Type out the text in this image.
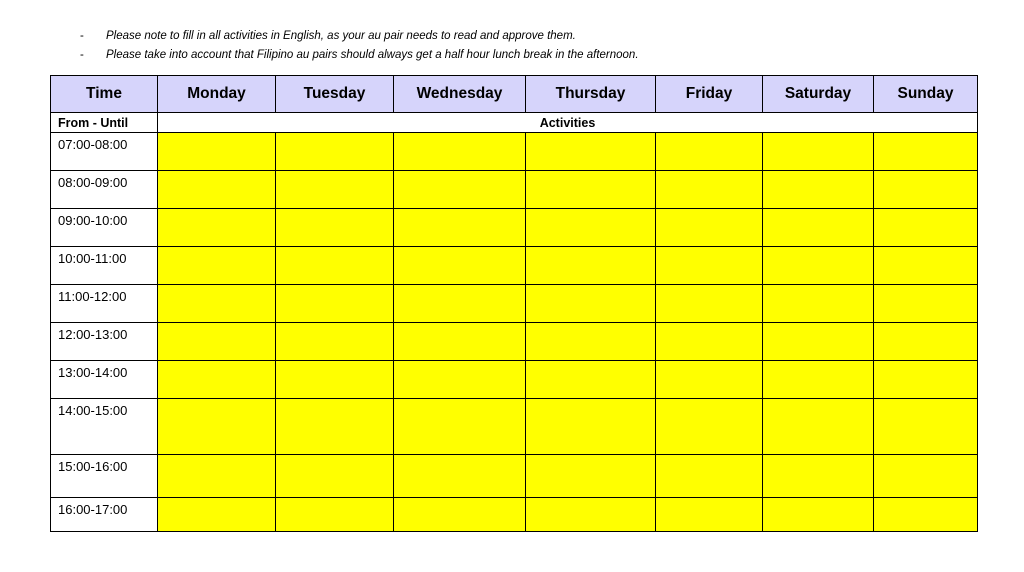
- Please note to fill in all activities in English, as your au pair needs to read and approve them.
- Please take into account that Filipino au pairs should always get a half hour lunch break in the afternoon.
Time	Monday	Tuesday	Wednesday	Thursday	Friday	Saturday	Sunday
From - Until	Activities						
07:00-08:00							
08:00-09:00							
09:00-10:00							
10:00-11:00							
11:00-12:00							
12:00-13:00							
13:00-14:00							
14:00-15:00							
15:00-16:00							
16:00-17:00							
